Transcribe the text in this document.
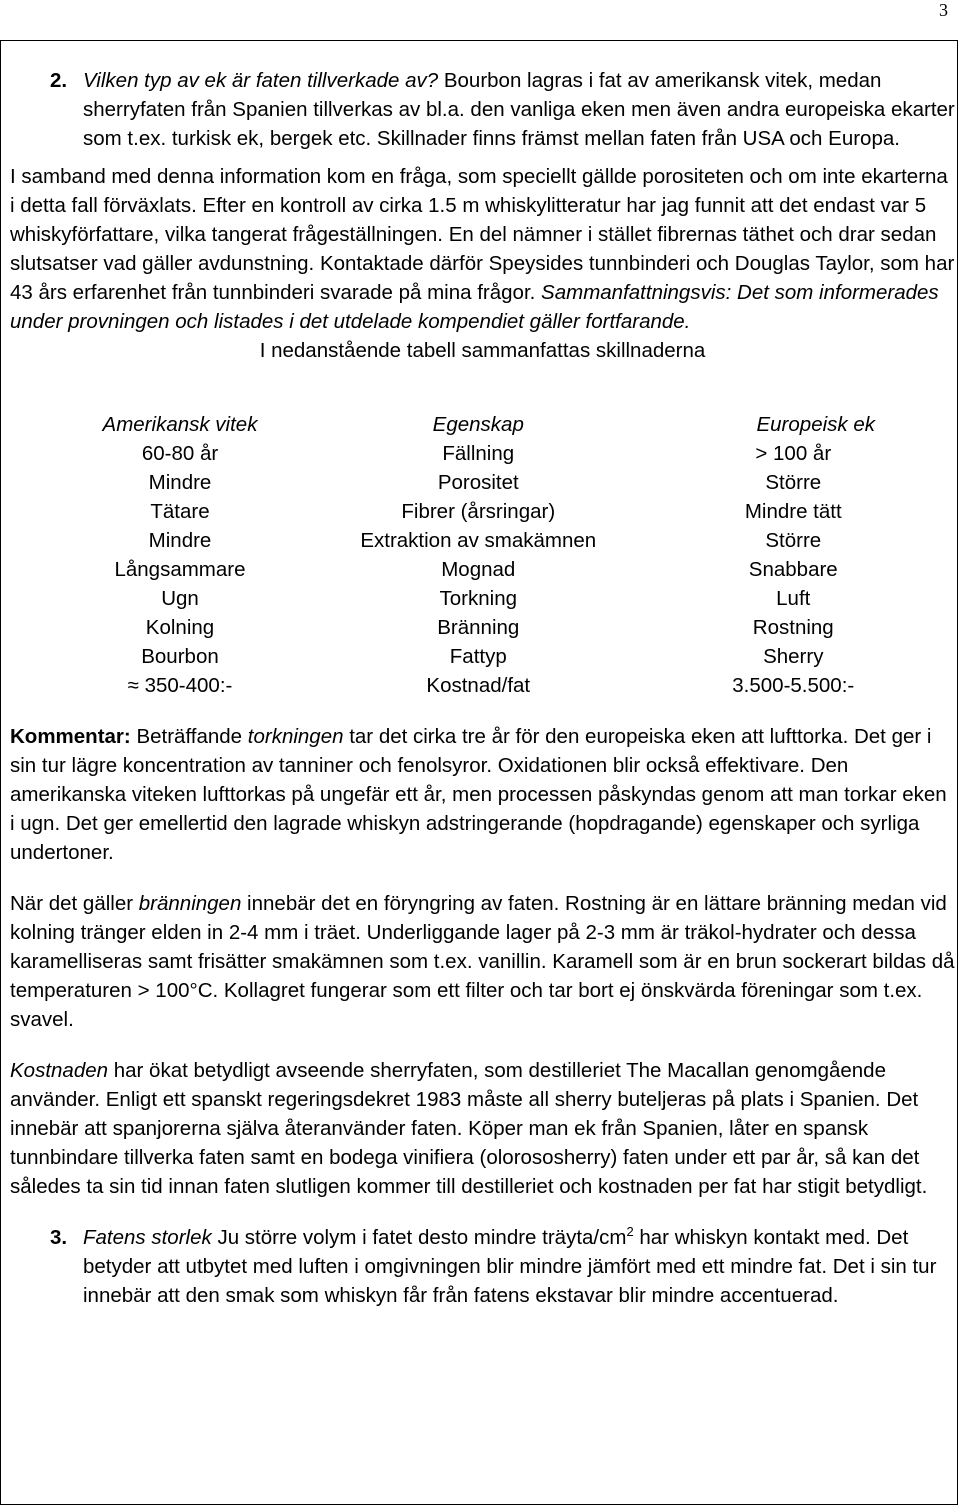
3

2. Vilken typ av ek är faten tillverkade av? Bourbon lagras i fat av amerikansk vitek, medan sherryfaten från Spanien tillverkas av bl.a. den vanliga eken men även andra europeiska ekarter som t.ex. turkisk ek, bergek etc. Skillnader finns främst mellan faten från USA och Europa.

I samband med denna information kom en fråga, som speciellt gällde porositeten och om inte ekarterna i detta fall förväxlats. Efter en kontroll av cirka 1.5 m whiskylitteratur har jag funnit att det endast var 5 whiskyförfattare, vilka tangerat frågeställningen. En del nämner i stället fibrernas täthet och drar sedan slutsatser vad gäller avdunstning. Kontaktade därför Speysides tunnbinderi och Douglas Taylor, som har 43 års erfarenhet från tunnbinderi svarade på mina frågor. Sammanfattningsvis: Det som informerades under provningen och listades i det utdelade kompendiet gäller fortfarande.

I nedanstående tabell sammanfattas skillnaderna

Amerikansk vitek	Egenskap	Europeisk ek
60-80 år	Fällning	> 100 år
Mindre	Porositet	Större
Tätare	Fibrer (årsringar)	Mindre tätt
Mindre	Extraktion av smakämnen	Större
Långsammare	Mognad	Snabbare
Ugn	Torkning	Luft
Kolning	Bränning	Rostning
Bourbon	Fattyp	Sherry
≈ 350-400:-	Kostnad/fat	3.500-5.500:-

Kommentar: Beträffande torkningen tar det cirka tre år för den europeiska eken att lufttorka. Det ger i sin tur lägre koncentration av tanniner och fenolsyror. Oxidationen blir också effektivare. Den amerikanska viteken lufttorkas på ungefär ett år, men processen påskyndas genom att man torkar eken i ugn. Det ger emellertid den lagrade whiskyn adstringerande (hopdragande) egenskaper och syrliga undertoner.

När det gäller bränningen innebär det en föryngring av faten. Rostning är en lättare bränning medan vid kolning tränger elden in 2-4 mm i träet. Underliggande lager på 2-3 mm är träkol-hydrater och dessa karamelliseras samt frisätter smakämnen som t.ex. vanillin. Karamell som är en brun sockerart bildas då temperaturen > 100°C. Kollagret fungerar som ett filter och tar bort ej önskvärda föreningar som t.ex. svavel.

Kostnaden har ökat betydligt avseende sherryfaten, som destilleriet The Macallan genomgående använder. Enligt ett spanskt regeringsdekret 1983 måste all sherry buteljeras på plats i Spanien. Det innebär att spanjorerna själva återanvänder faten. Köper man ek från Spanien, låter en spansk tunnbindare tillverka faten samt en bodega vinifiera (olorososherry) faten under ett par år, så kan det således ta sin tid innan faten slutligen kommer till destilleriet och kostnaden per fat har stigit betydligt.

3. Fatens storlek Ju större volym i fatet desto mindre träyta/$cm^2$ har whiskyn kontakt med. Det betyder att utbytet med luften i omgivningen blir mindre jämfört med ett mindre fat. Det i sin tur innebär att den smak som whiskyn får från fatens ekstavar blir mindre accentuerad.
